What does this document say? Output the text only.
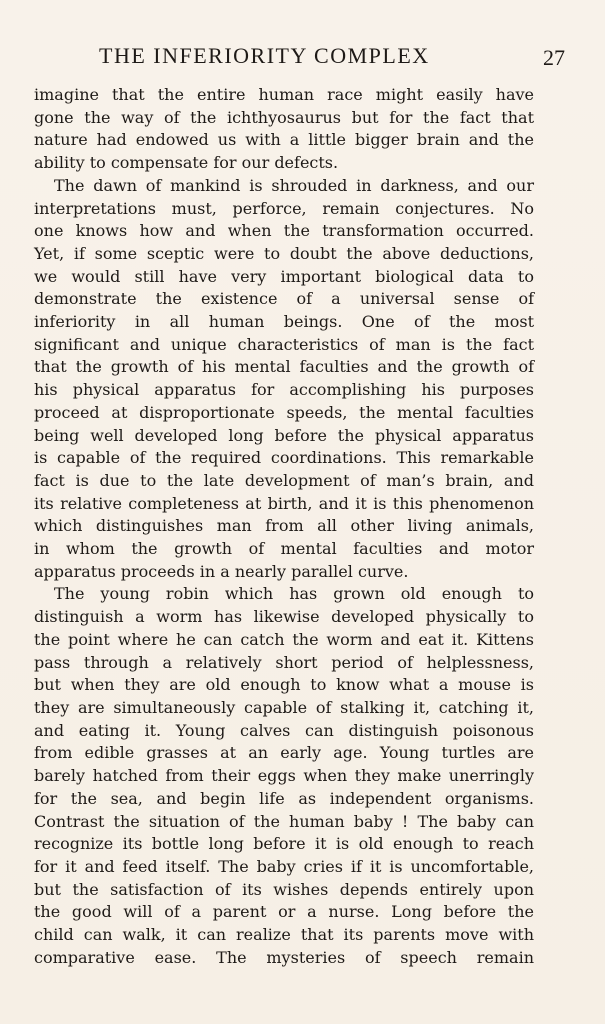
THE INFERIORITY COMPLEX	27
imagine that the entire human race might easily have
gone the way of the ichthyosaurus but for the fact that
nature had endowed us with a little bigger brain and the
ability to compensate for our defects.
The dawn of mankind is shrouded in darkness, and our
interpretations must, perforce, remain conjectures. No
one knows how and when the transformation occurred.
Yet, if some sceptic were to doubt the above deductions,
we would still have very important biological data to
demonstrate the existence of a universal sense of
inferiority in all human beings. One of the most
significant and unique characteristics of man is the fact
that the growth of his mental faculties and the growth of
his physical apparatus for accomplishing his purposes
proceed at disproportionate speeds, the mental faculties
being well developed long before the physical apparatus
is capable of the required coordinations. This remarkable
fact is due to the late development of man’s brain, and
its relative completeness at birth, and it is this phenomenon
which distinguishes man from all other living animals,
in whom the growth of mental faculties and motor
apparatus proceeds in a nearly parallel curve.
The young robin which has grown old enough to
distinguish a worm has likewise developed physically to
the point where he can catch the worm and eat it. Kittens
pass through a relatively short period of helplessness,
but when they are old enough to know what a mouse is
they are simultaneously capable of stalking it, catching it,
and eating it. Young calves can distinguish poisonous
from edible grasses at an early age. Young turtles are
barely hatched from their eggs when they make unerringly
for the sea, and begin life as independent organisms.
Contrast the situation of the human baby ! The baby can
recognize its bottle long before it is old enough to reach
for it and feed itself. The baby cries if it is uncomfortable,
but the satisfaction of its wishes depends entirely upon
the good will of a parent or a nurse. Long before the
child can walk, it can realize that its parents move with
comparative ease. The mysteries of speech remain
